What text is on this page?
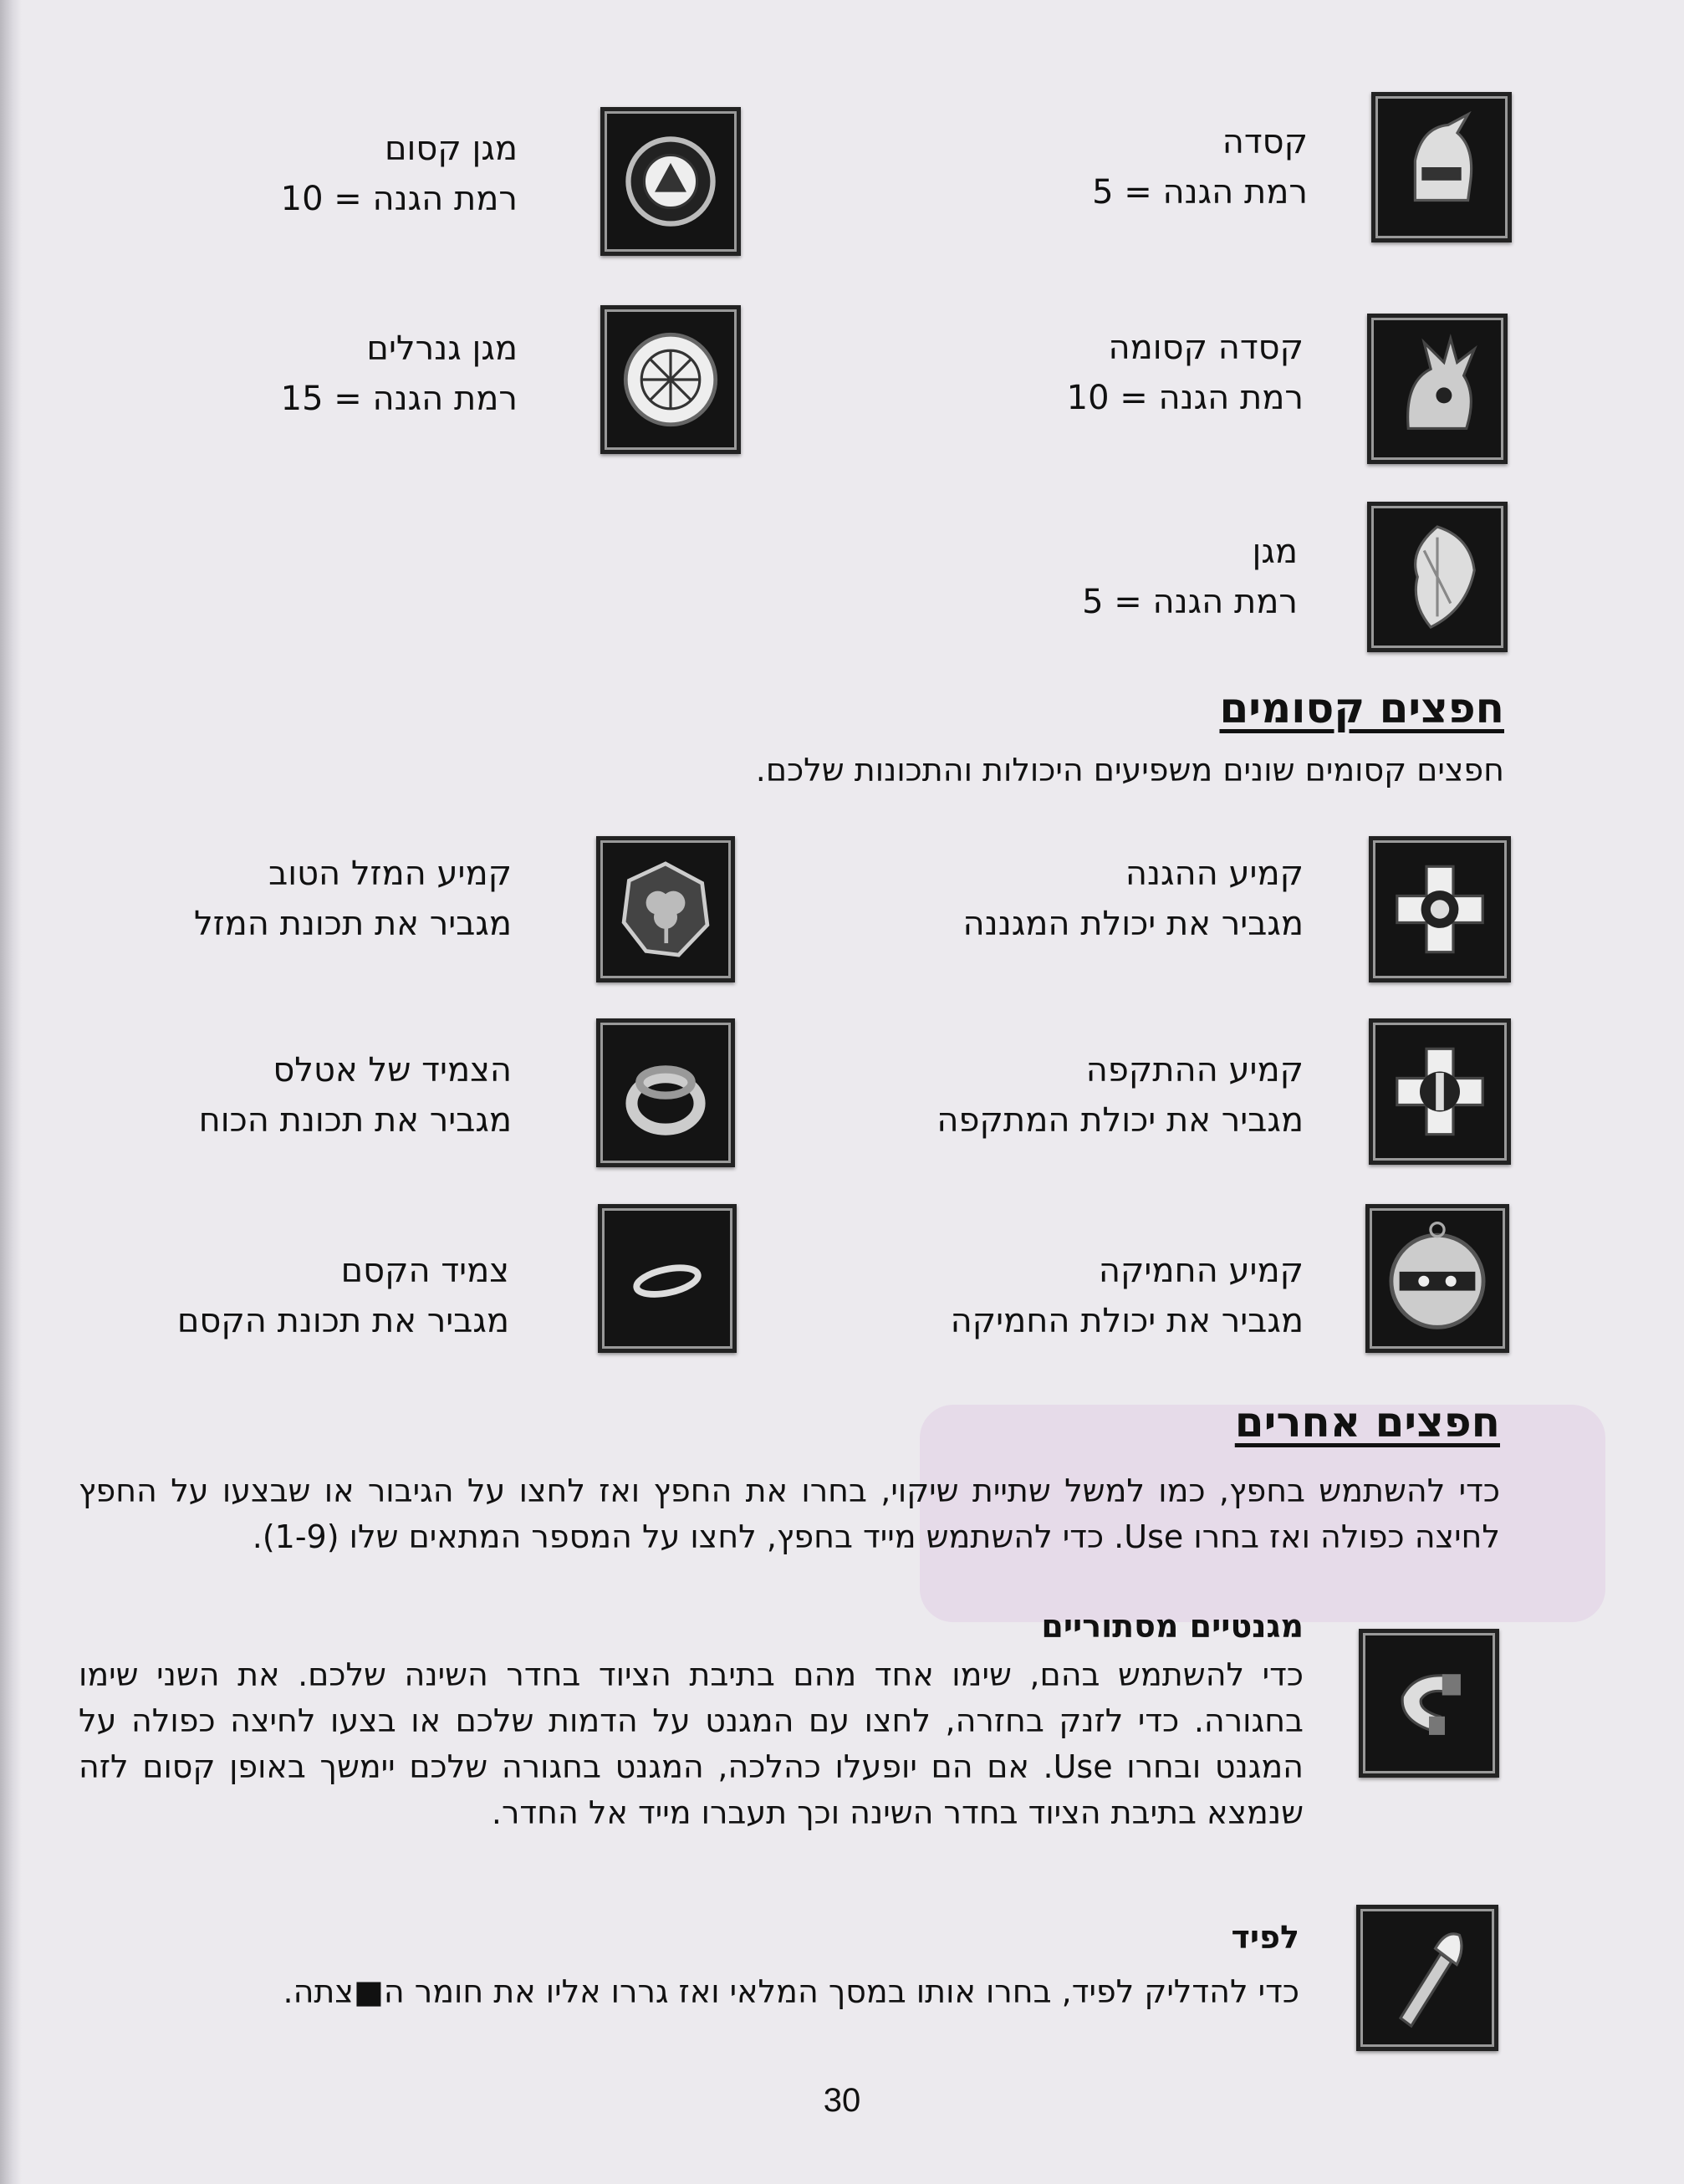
קסדה
רמת הגנה = 5
קסדה קסומה
רמת הגנה = 10
מגן
רמת הגנה = 5
מגן קסום
רמת הגנה = 10
מגן גנרלים
רמת הגנה = 15
חפצים קסומים
חפצים קסומים שונים משפיעים היכולות והתכונות שלכם.
קמיע ההגנה
מגביר את יכולת המגננה
קמיע ההתקפה
מגביר את יכולת המתקפה
קמיע החמיקה
מגביר את יכולת החמיקה
קמיע המזל הטוב
מגביר את תכונת המזל
הצמיד של אטלס
מגביר את תכונת הכוח
צמיד הקסם
מגביר את תכונת הקסם
חפצים אחרים
כדי להשתמש בחפץ, כמו למשל שתיית שיקוי, בחרו את החפץ ואז לחצו על הגיבור או שבצעו על החפץ לחיצה כפולה ואז בחרו Use. כדי להשתמש מייד בחפץ, לחצו על המספר המתאים שלו (1-9).
מגנטיים מסתוריים
כדי להשתמש בהם, שימו אחד מהם בתיבת הציוד בחדר השינה שלכם. את השני שימו בחגורה. כדי לזנק בחזרה, לחצו עם המגנט על הדמות שלכם או בצעו לחיצה כפולה על המגנט ובחרו Use. אם הם יופעלו כהלכה, המגנט בחגורה שלכם יימשך באופן קסום לזה שנמצא בתיבת הציוד בחדר השינה וכך תעברו מייד אל החדר.
לפיד
כדי להדליק לפיד, בחרו אותו במסך המלאי ואז גררו אליו את חומר ה■צתה.
30
